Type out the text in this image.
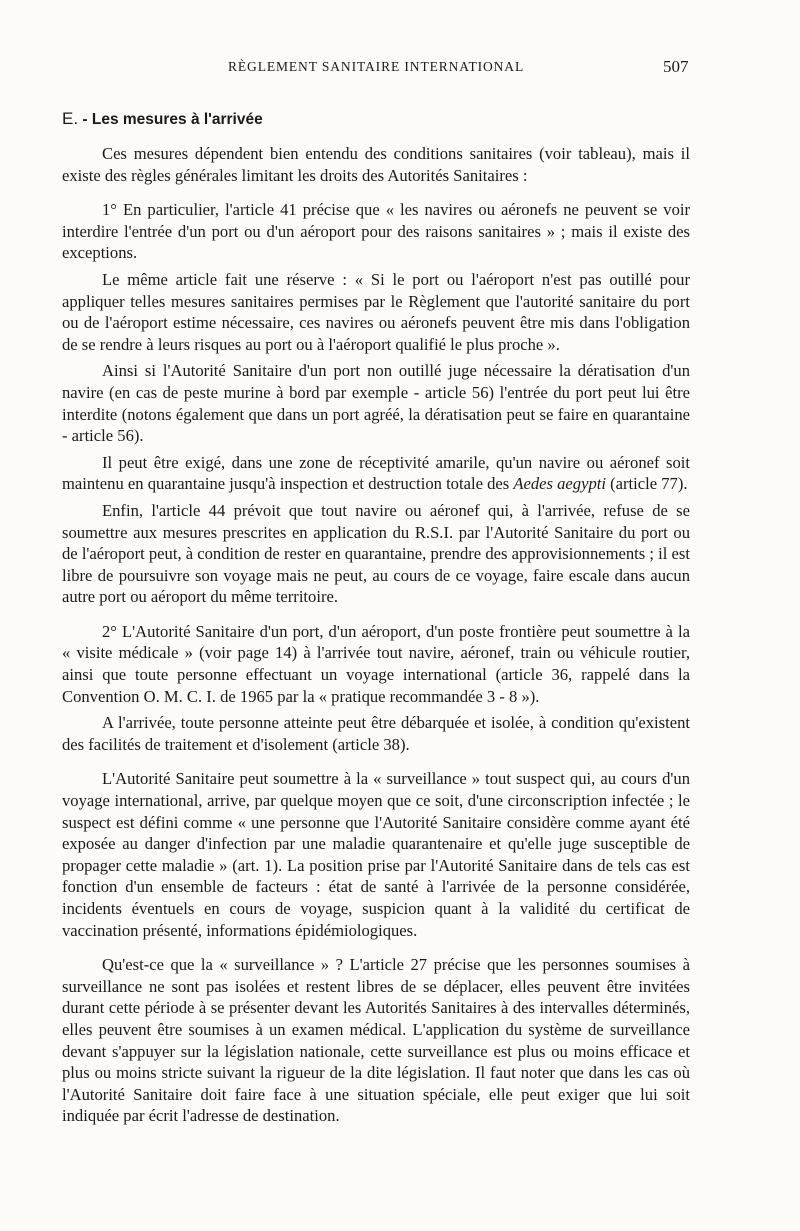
RÈGLEMENT SANITAIRE INTERNATIONAL	507
E. - Les mesures à l'arrivée

Ces mesures dépendent bien entendu des conditions sanitaires (voir tableau), mais il existe des règles générales limitant les droits des Autorités Sanitaires :

1° En particulier, l'article 41 précise que « les navires ou aéronefs ne peuvent se voir interdire l'entrée d'un port ou d'un aéroport pour des raisons sanitaires » ; mais il existe des exceptions.

Le même article fait une réserve : « Si le port ou l'aéroport n'est pas outillé pour appliquer telles mesures sanitaires permises par le Règlement que l'autorité sanitaire du port ou de l'aéroport estime nécessaire, ces navires ou aéronefs peuvent être mis dans l'obligation de se rendre à leurs risques au port ou à l'aéroport qualifié le plus proche ».

Ainsi si l'Autorité Sanitaire d'un port non outillé juge nécessaire la dératisation d'un navire (en cas de peste murine à bord par exemple - article 56) l'entrée du port peut lui être interdite (notons également que dans un port agréé, la dératisation peut se faire en quarantaine - article 56).

Il peut être exigé, dans une zone de réceptivité amarile, qu'un navire ou aéronef soit maintenu en quarantaine jusqu'à inspection et destruction totale des Aedes aegypti (article 77).

Enfin, l'article 44 prévoit que tout navire ou aéronef qui, à l'arrivée, refuse de se soumettre aux mesures prescrites en application du R.S.I. par l'Autorité Sanitaire du port ou de l'aéroport peut, à condition de rester en quarantaine, prendre des approvisionnements ; il est libre de poursuivre son voyage mais ne peut, au cours de ce voyage, faire escale dans aucun autre port ou aéroport du même territoire.

2° L'Autorité Sanitaire d'un port, d'un aéroport, d'un poste frontière peut soumettre à la « visite médicale » (voir page 14) à l'arrivée tout navire, aéronef, train ou véhicule routier, ainsi que toute personne effectuant un voyage international (article 36, rappelé dans la Convention O. M. C. I. de 1965 par la « pratique recommandée 3 - 8 »).

A l'arrivée, toute personne atteinte peut être débarquée et isolée, à condition qu'existent des facilités de traitement et d'isolement (article 38).

L'Autorité Sanitaire peut soumettre à la « surveillance » tout suspect qui, au cours d'un voyage international, arrive, par quelque moyen que ce soit, d'une circonscription infectée ; le suspect est défini comme « une personne que l'Autorité Sanitaire considère comme ayant été exposée au danger d'infection par une maladie quarantenaire et qu'elle juge susceptible de propager cette maladie » (art. 1). La position prise par l'Autorité Sanitaire dans de tels cas est fonction d'un ensemble de facteurs : état de santé à l'arrivée de la personne considérée, incidents éventuels en cours de voyage, suspicion quant à la validité du certificat de vaccination présenté, informations épidémiologiques.

Qu'est-ce que la « surveillance » ? L'article 27 précise que les personnes soumises à surveillance ne sont pas isolées et restent libres de se déplacer, elles peuvent être invitées durant cette période à se présenter devant les Autorités Sanitaires à des intervalles déterminés, elles peuvent être soumises à un examen médical. L'application du système de surveillance devant s'appuyer sur la législation nationale, cette surveillance est plus ou moins efficace et plus ou moins stricte suivant la rigueur de la dite législation. Il faut noter que dans les cas où l'Autorité Sanitaire doit faire face à une situation spéciale, elle peut exiger que lui soit indiquée par écrit l'adresse de destination.
